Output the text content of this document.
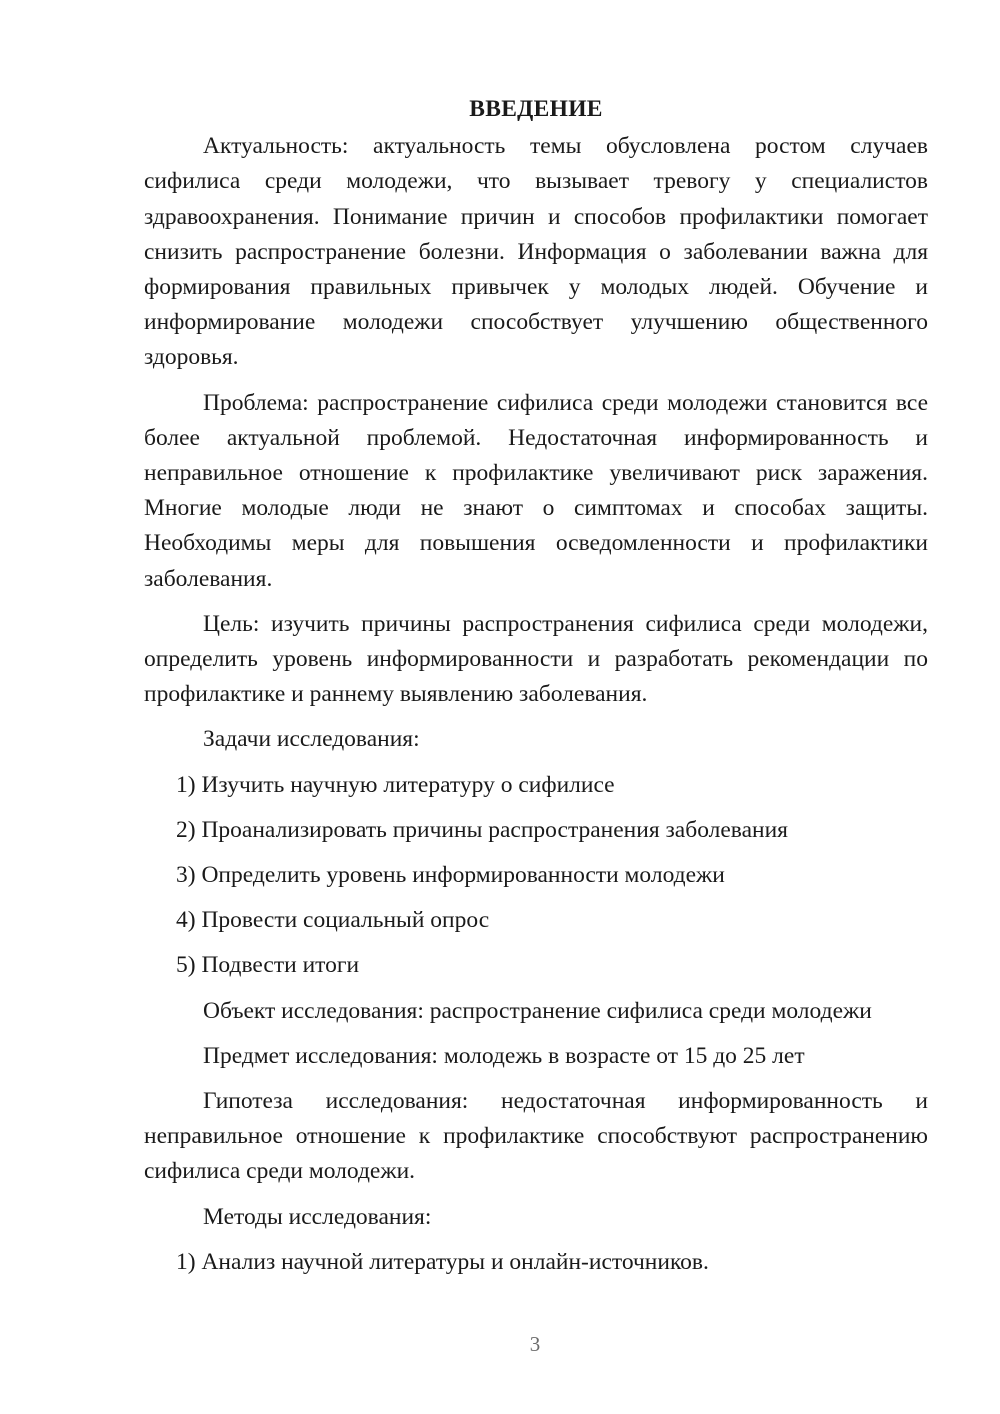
ВВЕДЕНИЕ

Актуальность: актуальность темы обусловлена ростом случаев сифилиса среди молодежи, что вызывает тревогу у специалистов здравоохранения. Понимание причин и способов профилактики помогает снизить распространение болезни. Информация о заболевании важна для формирования правильных привычек у молодых людей. Обучение и информирование молодежи способствует улучшению общественного здоровья.

Проблема: распространение сифилиса среди молодежи становится все более актуальной проблемой. Недостаточная информированность и неправильное отношение к профилактике увеличивают риск заражения. Многие молодые люди не знают о симптомах и способах защиты. Необходимы меры для повышения осведомленности и профилактики заболевания.

Цель: изучить причины распространения сифилиса среди молодежи, определить уровень информированности и разработать рекомендации по профилактике и раннему выявлению заболевания.

Задачи исследования:

1) Изучить научную литературу о сифилисе

2) Проанализировать причины распространения заболевания

3) Определить уровень информированности молодежи

4) Провести социальный опрос

5) Подвести итоги

Объект исследования: распространение сифилиса среди молодежи

Предмет исследования: молодежь в возрасте от 15 до 25 лет

Гипотеза исследования: недостаточная информированность и неправильное отношение к профилактике способствуют распространению сифилиса среди молодежи.

Методы исследования:

1) Анализ научной литературы и онлайн-источников.

3
